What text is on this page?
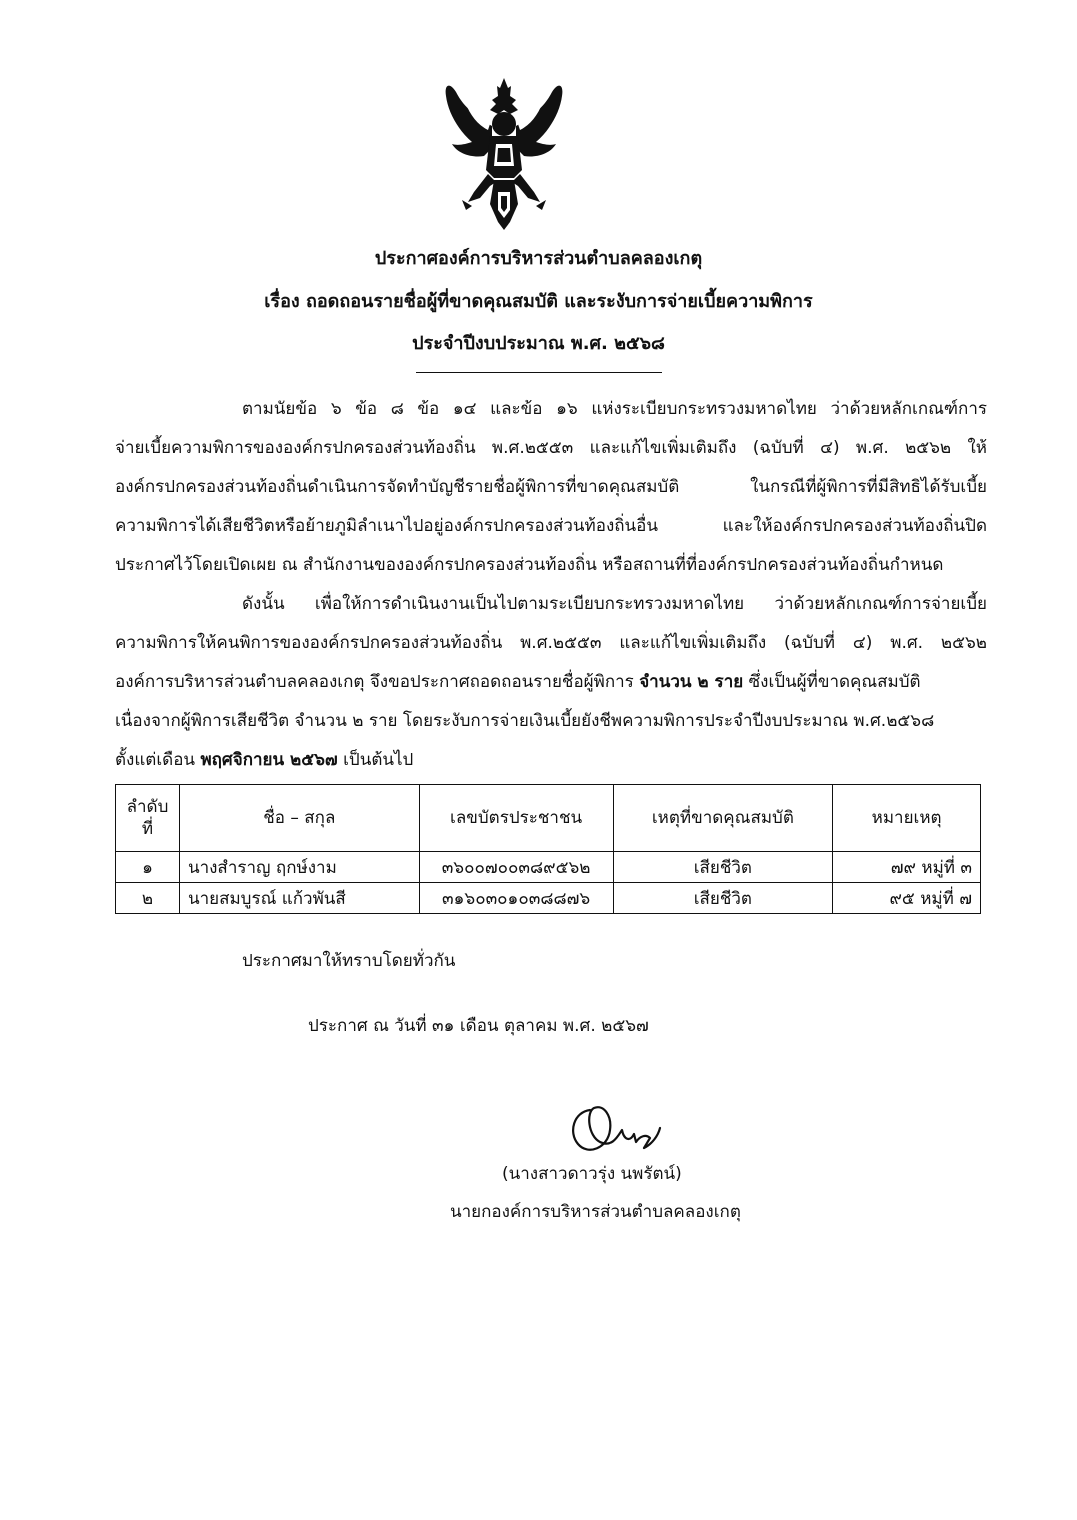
ประกาศองค์การบริหารส่วนตำบลคลองเกตุ
เรื่อง ถอดถอนรายชื่อผู้ที่ขาดคุณสมบัติ และระงับการจ่ายเบี้ยความพิการ
ประจำปีงบประมาณ พ.ศ. ๒๕๖๘
ตามนัยข้อ ๖ ข้อ ๘ ข้อ ๑๔ และข้อ ๑๖ แห่งระเบียบกระทรวงมหาดไทย ว่าด้วยหลักเกณฑ์การ
จ่ายเบี้ยความพิการขององค์กรปกครองส่วนท้องถิ่น พ.ศ.๒๕๕๓ และแก้ไขเพิ่มเติมถึง (ฉบับที่ ๔) พ.ศ. ๒๕๖๒ ให้
องค์กรปกครองส่วนท้องถิ่นดำเนินการจัดทำบัญชีรายชื่อผู้พิการที่ขาดคุณสมบัติ ในกรณีที่ผู้พิการที่มีสิทธิได้รับเบี้ย
ความพิการได้เสียชีวิตหรือย้ายภูมิลำเนาไปอยู่องค์กรปกครองส่วนท้องถิ่นอื่น และให้องค์กรปกครองส่วนท้องถิ่นปิด
ประกาศไว้โดยเปิดเผย ณ สำนักงานขององค์กรปกครองส่วนท้องถิ่น หรือสถานที่ที่องค์กรปกครองส่วนท้องถิ่นกำหนด
ดังนั้น เพื่อให้การดำเนินงานเป็นไปตามระเบียบกระทรวงมหาดไทย ว่าด้วยหลักเกณฑ์การจ่ายเบี้ย
ความพิการให้คนพิการขององค์กรปกครองส่วนท้องถิ่น พ.ศ.๒๕๕๓ และแก้ไขเพิ่มเติมถึง (ฉบับที่ ๔) พ.ศ. ๒๕๖๒
องค์การบริหารส่วนตำบลคลองเกตุ จึงขอประกาศถอดถอนรายชื่อผู้พิการ จำนวน ๒ ราย ซึ่งเป็นผู้ที่ขาดคุณสมบัติ
เนื่องจากผู้พิการเสียชีวิต จำนวน ๒ ราย โดยระงับการจ่ายเงินเบี้ยยังชีพความพิการประจำปีงบประมาณ พ.ศ.๒๕๖๘
ตั้งแต่เดือน พฤศจิกายน ๒๕๖๗ เป็นต้นไป
ลำดับ
ที่	ชื่อ – สกุล	เลขบัตรประชาชน	เหตุที่ขาดคุณสมบัติ	หมายเหตุ
๑	นางสำราญ ฤกษ์งาม	๓๖๐๐๗๐๐๓๘๙๕๖๒	เสียชีวิต	๗๙ หมู่ที่ ๓
๒	นายสมบูรณ์ แก้วพันสี	๓๑๖๐๓๐๑๐๓๘๘๗๖	เสียชีวิต	๙๕ หมู่ที่ ๗
ประกาศมาให้ทราบโดยทั่วกัน
ประกาศ ณ วันที่ ๓๑ เดือน ตุลาคม พ.ศ. ๒๕๖๗
(นางสาวดาวรุ่ง นพรัตน์)
นายกองค์การบริหารส่วนตำบลคลองเกตุ
